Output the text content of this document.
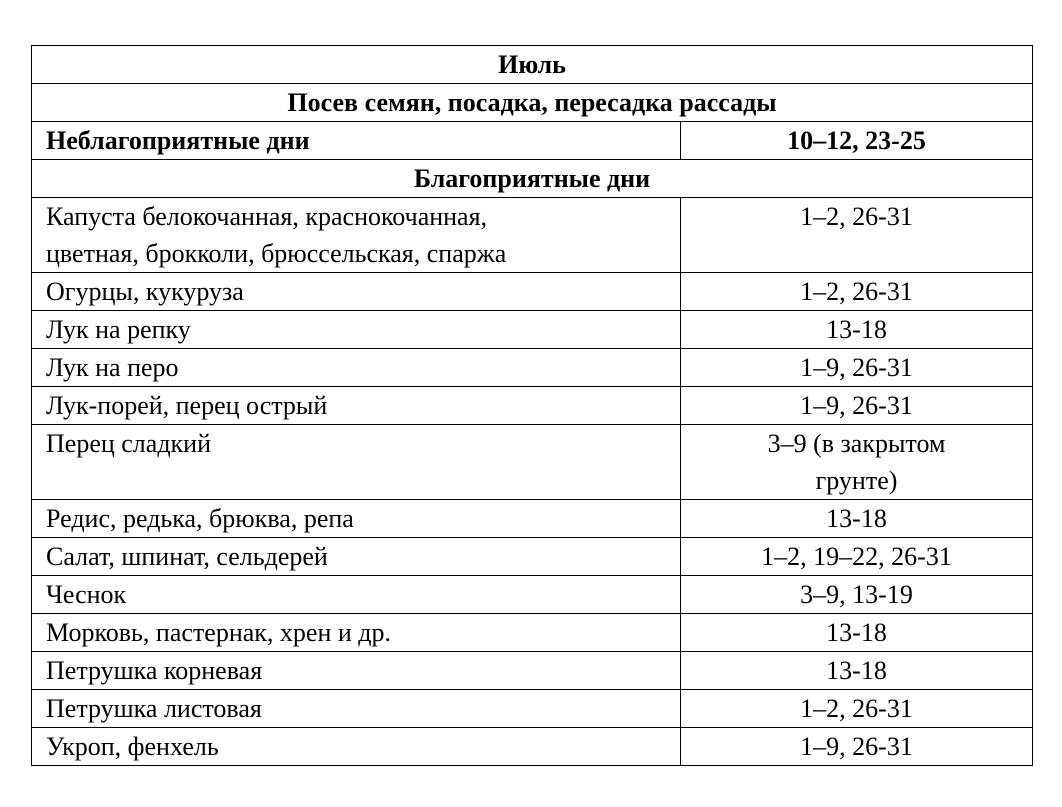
Июль	
Посев семян, посадка, пересадка рассады	
Неблагоприятные дни	10–12, 23-25
Благоприятные дни	

Капуста белокочанная, краснокочанная,
цветная, брокколи, брюссельская, спаржа	1–2, 26-31
Огурцы, кукуруза	1–2, 26-31
Лук на репку	13-18
Лук на перо	1–9, 26-31
Лук-порей, перец острый	1–9, 26-31
Перец сладкий	3–9 (в закрытом
грунте)

Редис, редька, брюква, репа	13-18
Салат, шпинат, сельдерей	1–2, 19–22, 26-31
Чеснок	3–9, 13-19
Морковь, пастернак, хрен и др.	13-18
Петрушка корневая	13-18
Петрушка листовая	1–2, 26-31
Укроп, фенхель	1–9, 26-31
